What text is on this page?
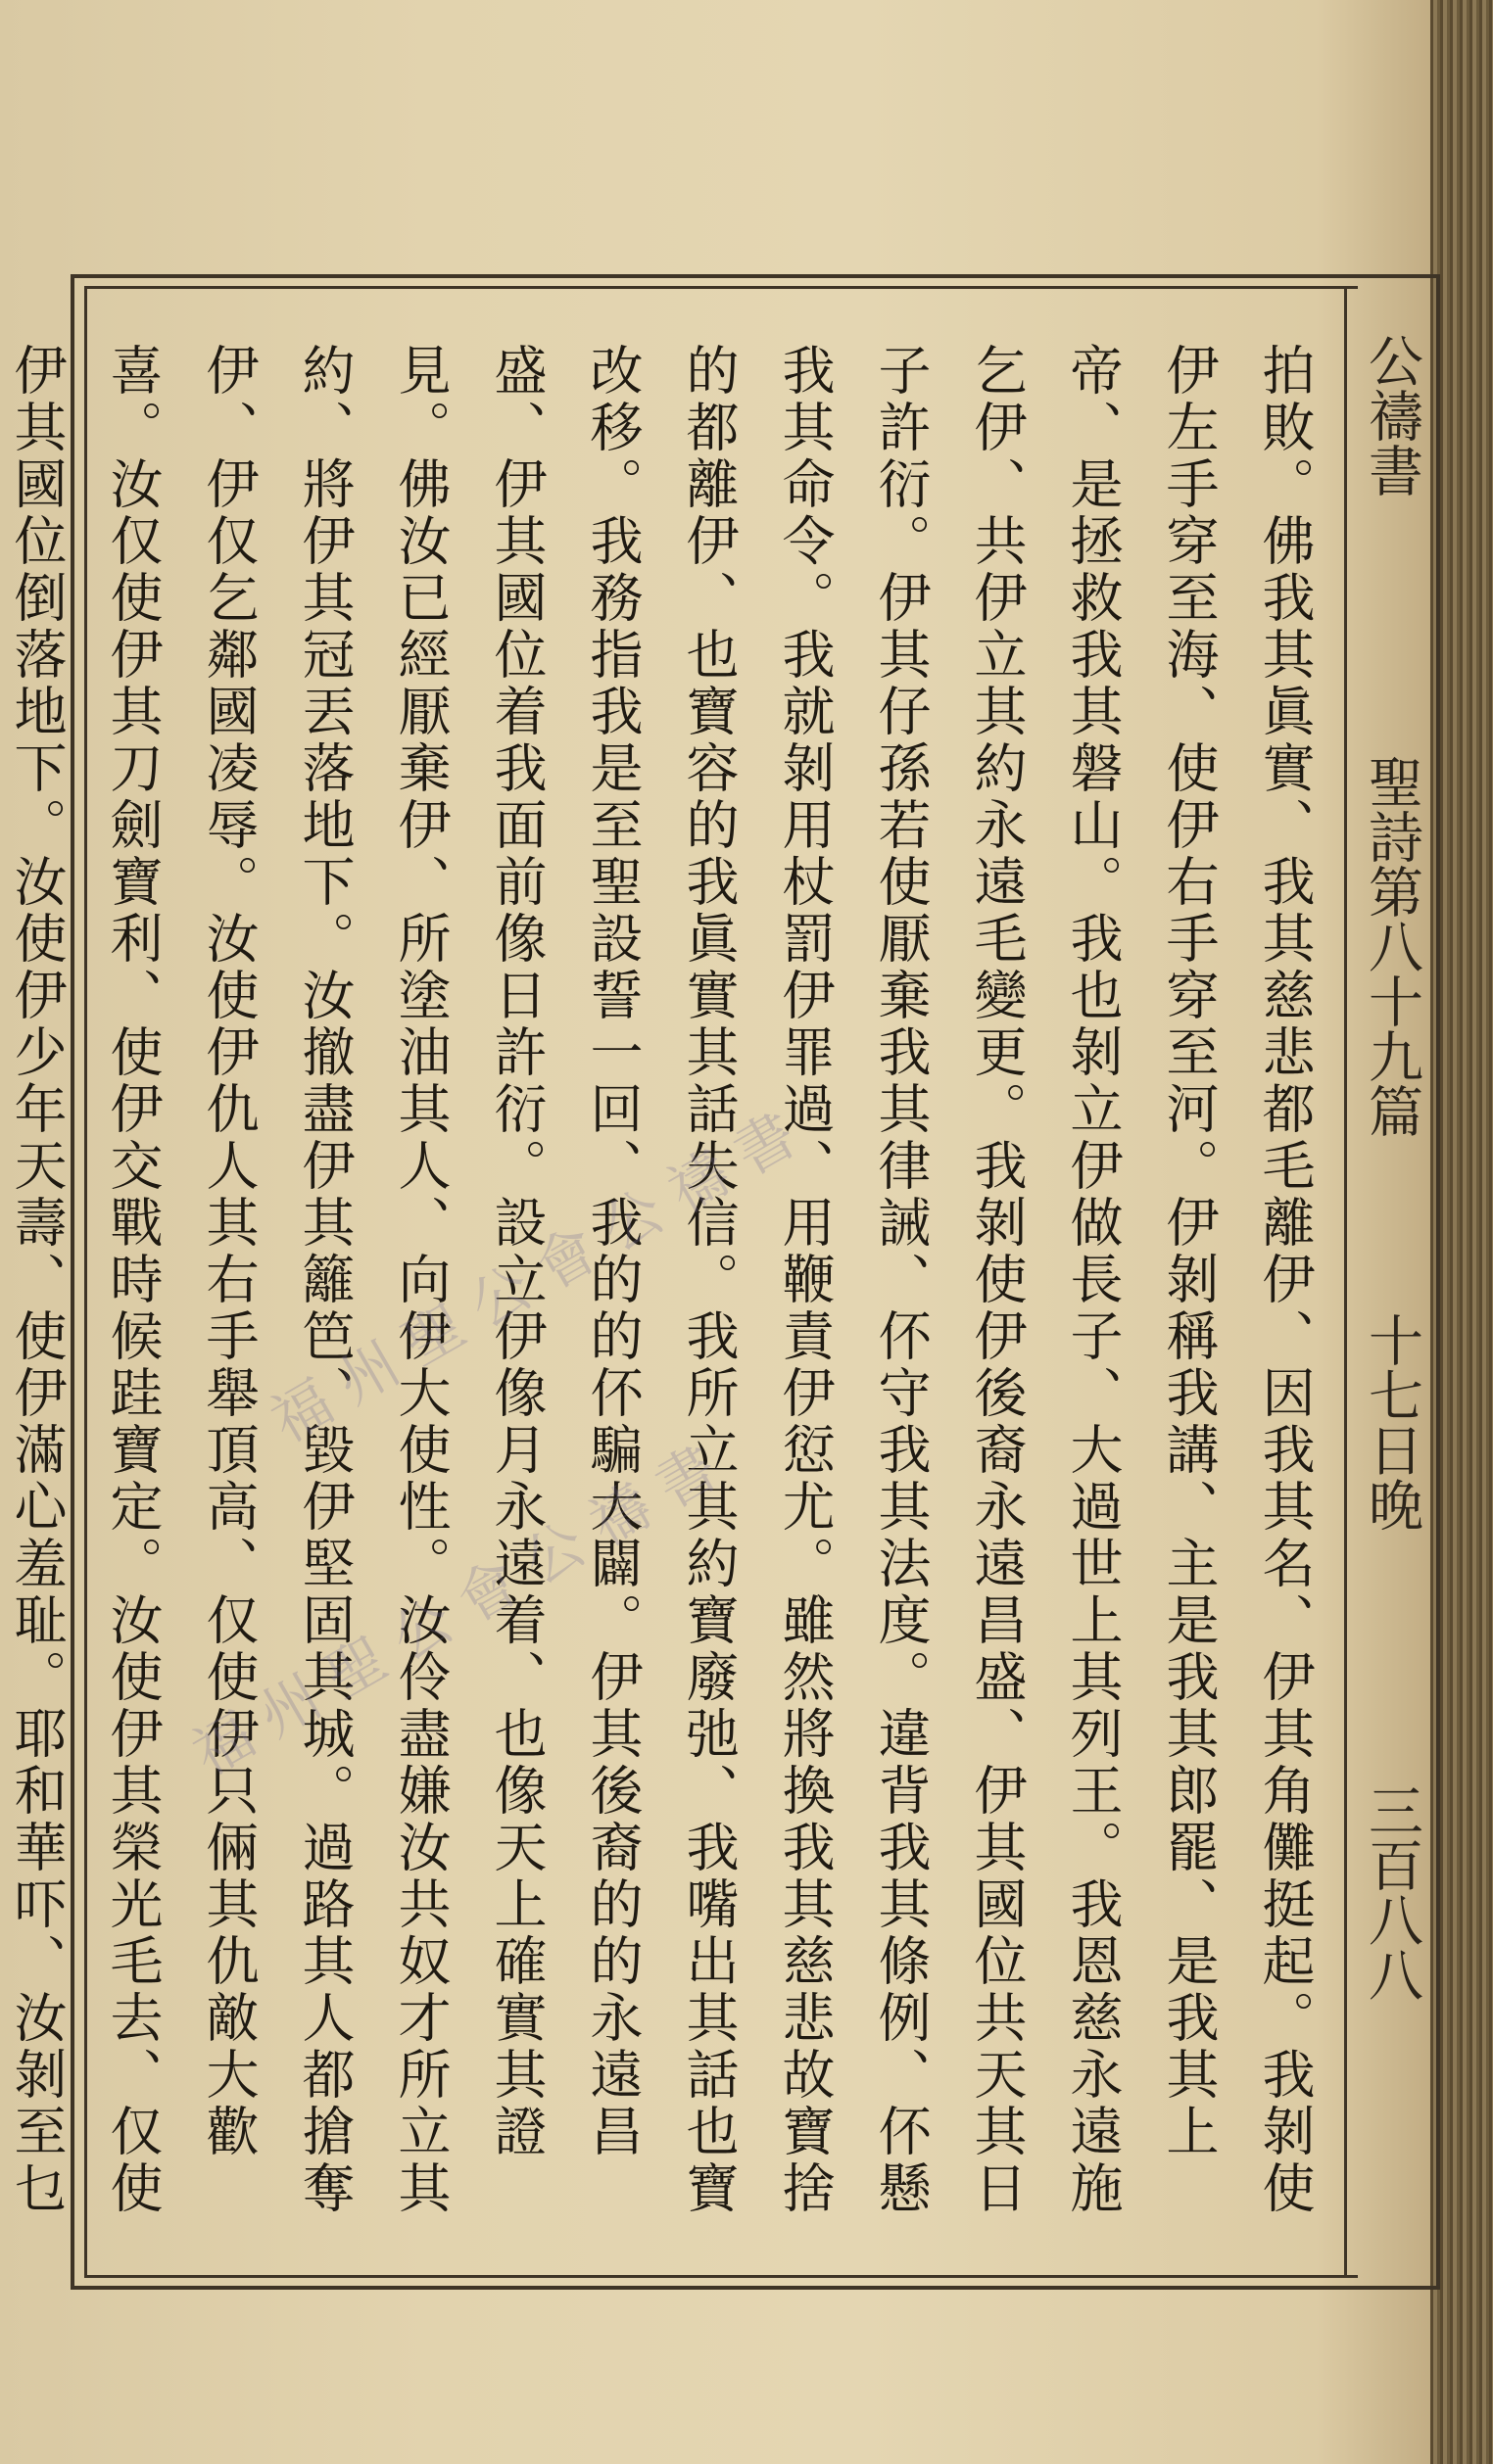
公禱書
聖詩第八十九篇
十七日晚
三百八八
拍敗。佛我其眞實、我其慈悲都毛離伊、因我其名、伊其角儺挺起。我剝使伊左手穿至海、使伊右手穿至河。伊剝稱我講、主是我其郎罷、是我其上帝、是拯救我其磐山。我也剝立伊做長子、大過世上其列王。我恩慈永遠施乞伊、共伊立其約永遠毛變更。我剝使伊後裔永遠昌盛、伊其國位共天其日子許衍。伊其仔孫若使厭棄我其律誡、伓守我其法度。違背我其條例、伓懸我其命令。我就剝用杖罰伊罪過、用鞭責伊愆尤。雖然將換我其慈悲故寶捨的都離伊、也寶容的我眞實其話失信。我所立其約寶廢弛、我嘴出其話也寶改移。我務指我是至聖設誓一回、我的的伓騙大闢。伊其後裔的的永遠昌盛、伊其國位着我面前像日許衍。設立伊像月永遠着、也像天上確實其證見。佛汝已經厭棄伊、所塗油其人、向伊大使性。汝伶盡嫌汝共奴才所立其約、將伊其冠丟落地下。汝撤盡伊其籬笆、毀伊堅固其城。過路其人都搶奪伊、伊仅乞鄰國凌辱。汝使伊仇人其右手舉頂高、仅使伊只倆其仇敵大歡喜。汝仅使伊其刀劍寶利、使伊交戰時候跬寶定。汝使伊其榮光毛去、仅使伊其國位倒落地下。汝使伊少年天壽、使伊滿心羞耻。耶和華吓、汝剝至乜
福州聖公會公禱書
福州聖公會公禱書
